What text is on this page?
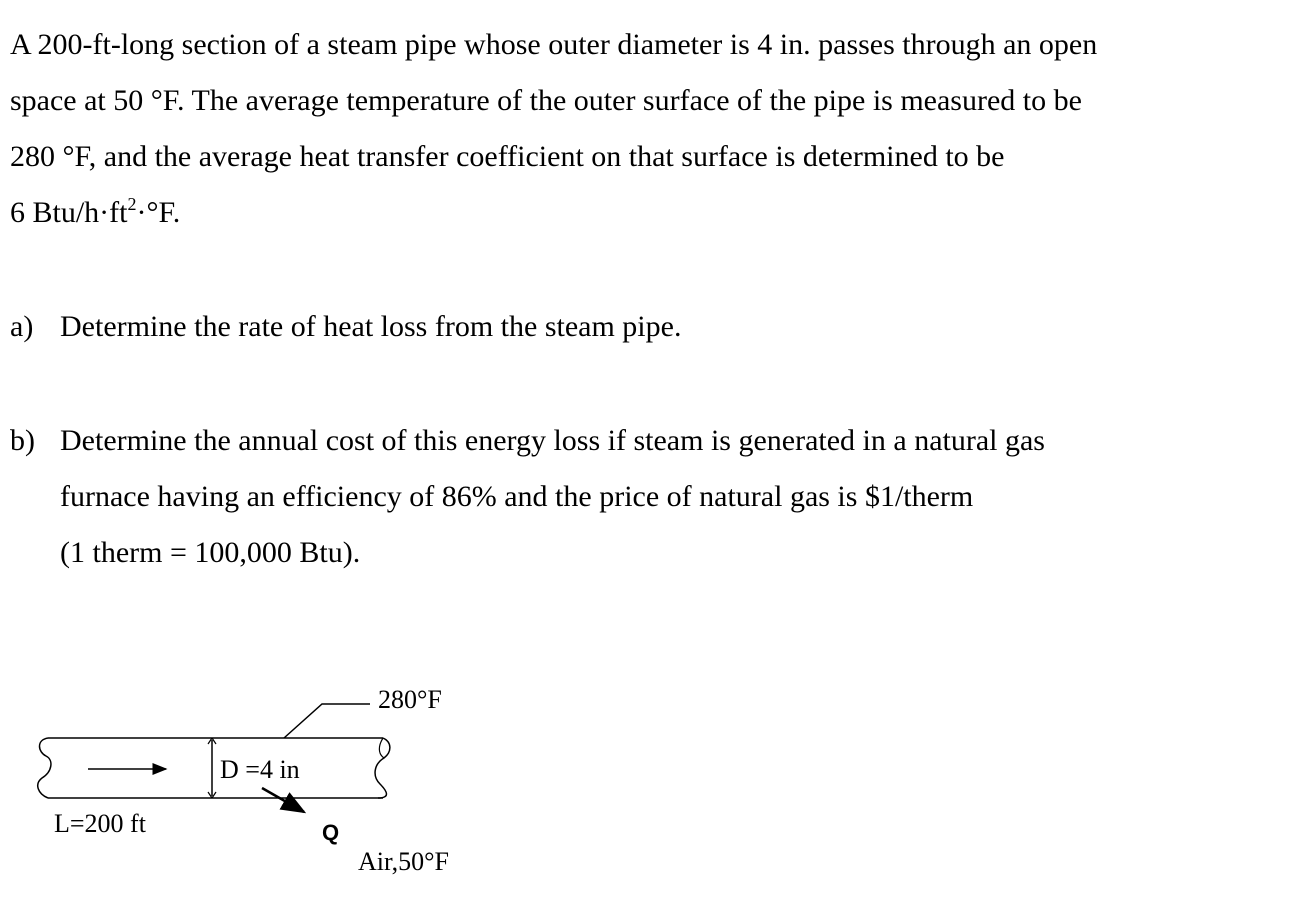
A 200-ft-long section of a steam pipe whose outer diameter is 4 in. passes through an open
space at 50 °F. The average temperature of the outer surface of the pipe is measured to be
280 °F, and the average heat transfer coefficient on that surface is determined to be
6 Btu/$h\cdot ft^2\cdot^\circ F$.
a) Determine the rate of heat loss from the steam pipe.
b) Determine the annual cost of this energy loss if steam is generated in a natural gas
furnace having an efficiency of 86% and the price of natural gas is $1/therm
(1 therm = 100,000 Btu).
D =4 in
280°F
Q
L=200 ft
Air,50°F
